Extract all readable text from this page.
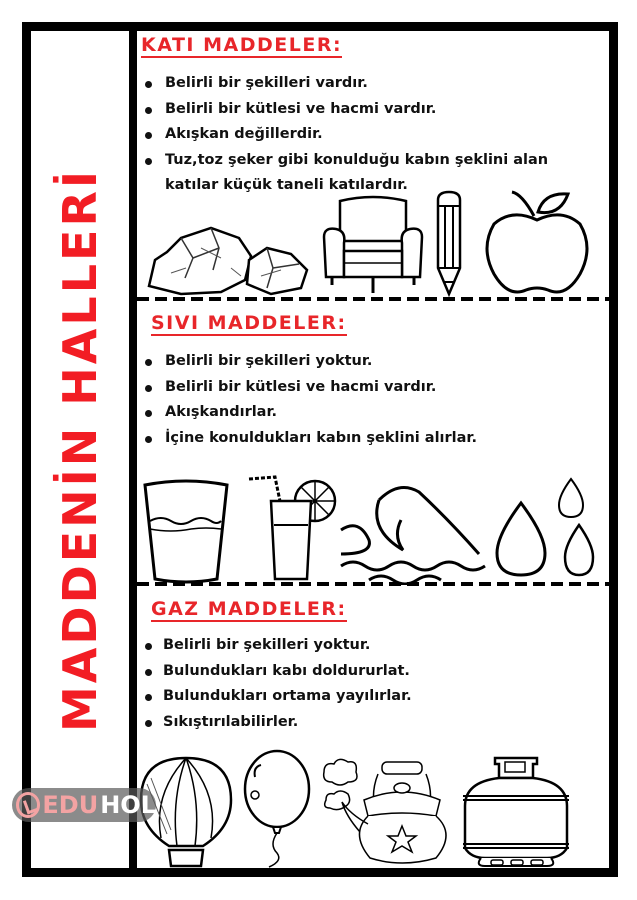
MADDENİN HALLERİ
KATI MADDELER:
Belirli bir şekilleri vardır.
Belirli bir kütlesi ve hacmi vardır.
Akışkan değillerdir.
Tuz,toz şeker gibi konulduğu kabın şeklini alan katılar küçük taneli katılardır.
SIVI MADDELER:
Belirli bir şekilleri yoktur.
Belirli bir kütlesi ve hacmi vardır.
Akışkandırlar.
İçine konuldukları kabın şeklini alırlar.
GAZ MADDELER:
Belirli bir şekilleri yoktur.
Bulundukları kabı doldururlat.
Bulundukları ortama yayılırlar.
Sıkıştırılabilirler.
EDU HOL
